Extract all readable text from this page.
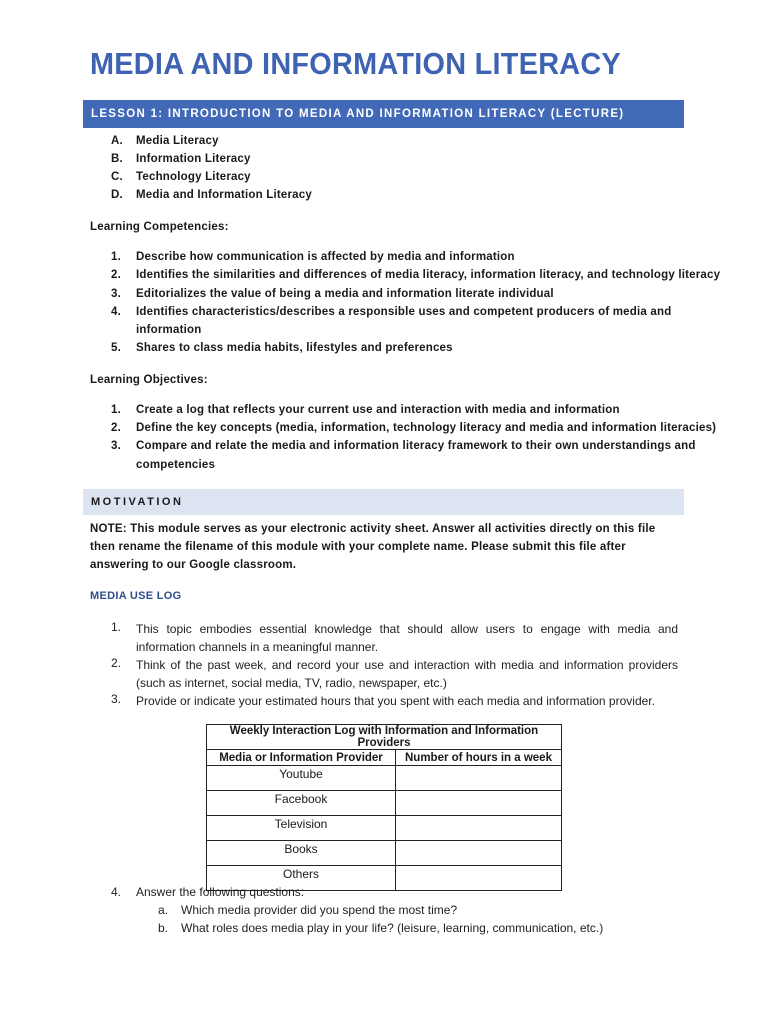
MEDIA AND INFORMATION LITERACY
LESSON 1: INTRODUCTION TO MEDIA AND INFORMATION LITERACY (LECTURE)
A. Media Literacy
B. Information Literacy
C. Technology Literacy
D. Media and Information Literacy
Learning Competencies:
1. Describe how communication is affected by media and information
2. Identifies the similarities and differences of media literacy, information literacy, and technology literacy
3. Editorializes the value of being a media and information literate individual
4. Identifies characteristics/describes a responsible uses and competent producers of media and
information
5. Shares to class media habits, lifestyles and preferences
Learning Objectives:
1. Create a log that reflects your current use and interaction with media and information
2. Define the key concepts (media, information, technology literacy and media and information literacies)
3. Compare and relate the media and information literacy framework to their own understandings and
competencies
MOTIVATION
NOTE: This module serves as your electronic activity sheet. Answer all activities directly on this file then rename the filename of this module with your complete name. Please submit this file after answering to our Google classroom.
MEDIA USE LOG
1. This topic embodies essential knowledge that should allow users to engage with media and information channels in a meaningful manner.
2. Think of the past week, and record your use and interaction with media and information providers (such as internet, social media, TV, radio, newspaper, etc.)
3. Provide or indicate your estimated hours that you spent with each media and information provider.
Weekly Interaction Log with Information and Information Providers	
Media or Information Provider	Number of hours in a week
Youtube	
Facebook	
Television	
Books	
Others	
4. Answer the following questions:
a. Which media provider did you spend the most time?
b. What roles does media play in your life? (leisure, learning, communication, etc.)
